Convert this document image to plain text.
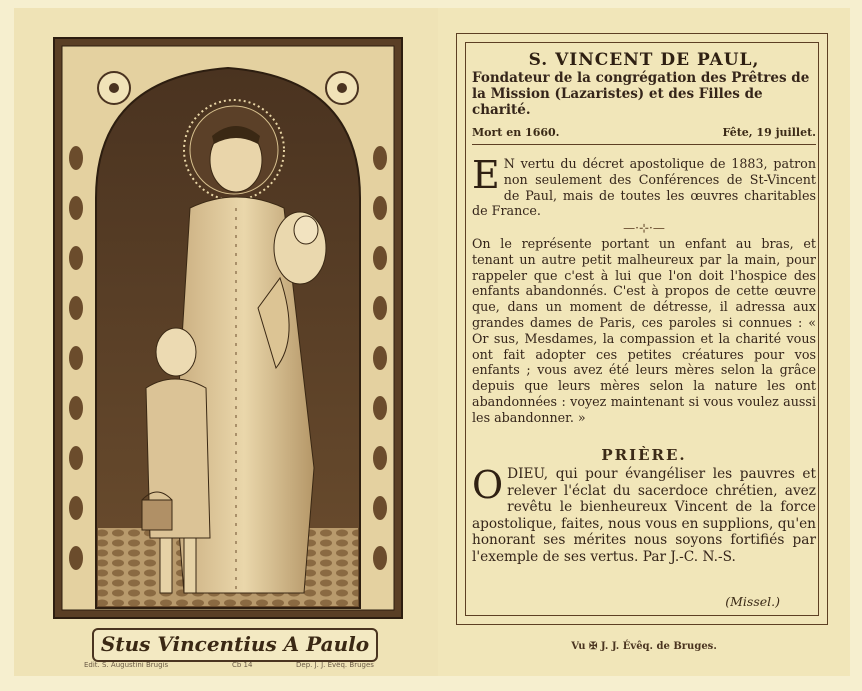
Stus Vincentius A Paulo
Edit. S. Augustini Brugis	Cb 14	Dep. J. J. Evêq. Bruges
S. VINCENT DE PAUL,
Fondateur de la congrégation des Prêtres de la Mission (Lazaristes) et des Filles de charité.
Mort en 1660.	Fête, 19 juillet.
E N vertu du décret apostolique de 1883, patron non seulement des Conférences de St-Vincent de Paul, mais de toutes les œuvres charitables de France.
—·⊹·—
On le représente portant un enfant au bras, et tenant un autre petit malheureux par la main, pour rappeler que c'est à lui que l'on doit l'hospice des enfants abandonnés. C'est à propos de cette œuvre que, dans un moment de détresse, il adressa aux grandes dames de Paris, ces paroles si connues : « Or sus, Mesdames, la compassion et la charité vous ont fait adopter ces petites créatures pour vos enfants ; vous avez été leurs mères selon la grâce depuis que leurs mères selon la nature les ont abandonnées : voyez maintenant si vous voulez aussi les abandonner. »
PRIÈRE.
O DIEU, qui pour évangéliser les pauvres et relever l'éclat du sacerdoce chrétien, avez revêtu le bienheureux Vincent de la force apostolique, faites, nous vous en supplions, qu'en honorant ses mérites nous soyons fortifiés par l'exemple de ses vertus. Par J.-C. N.-S.
(Missel.)
Vu ✠ J. J. Évêq. de Bruges.
